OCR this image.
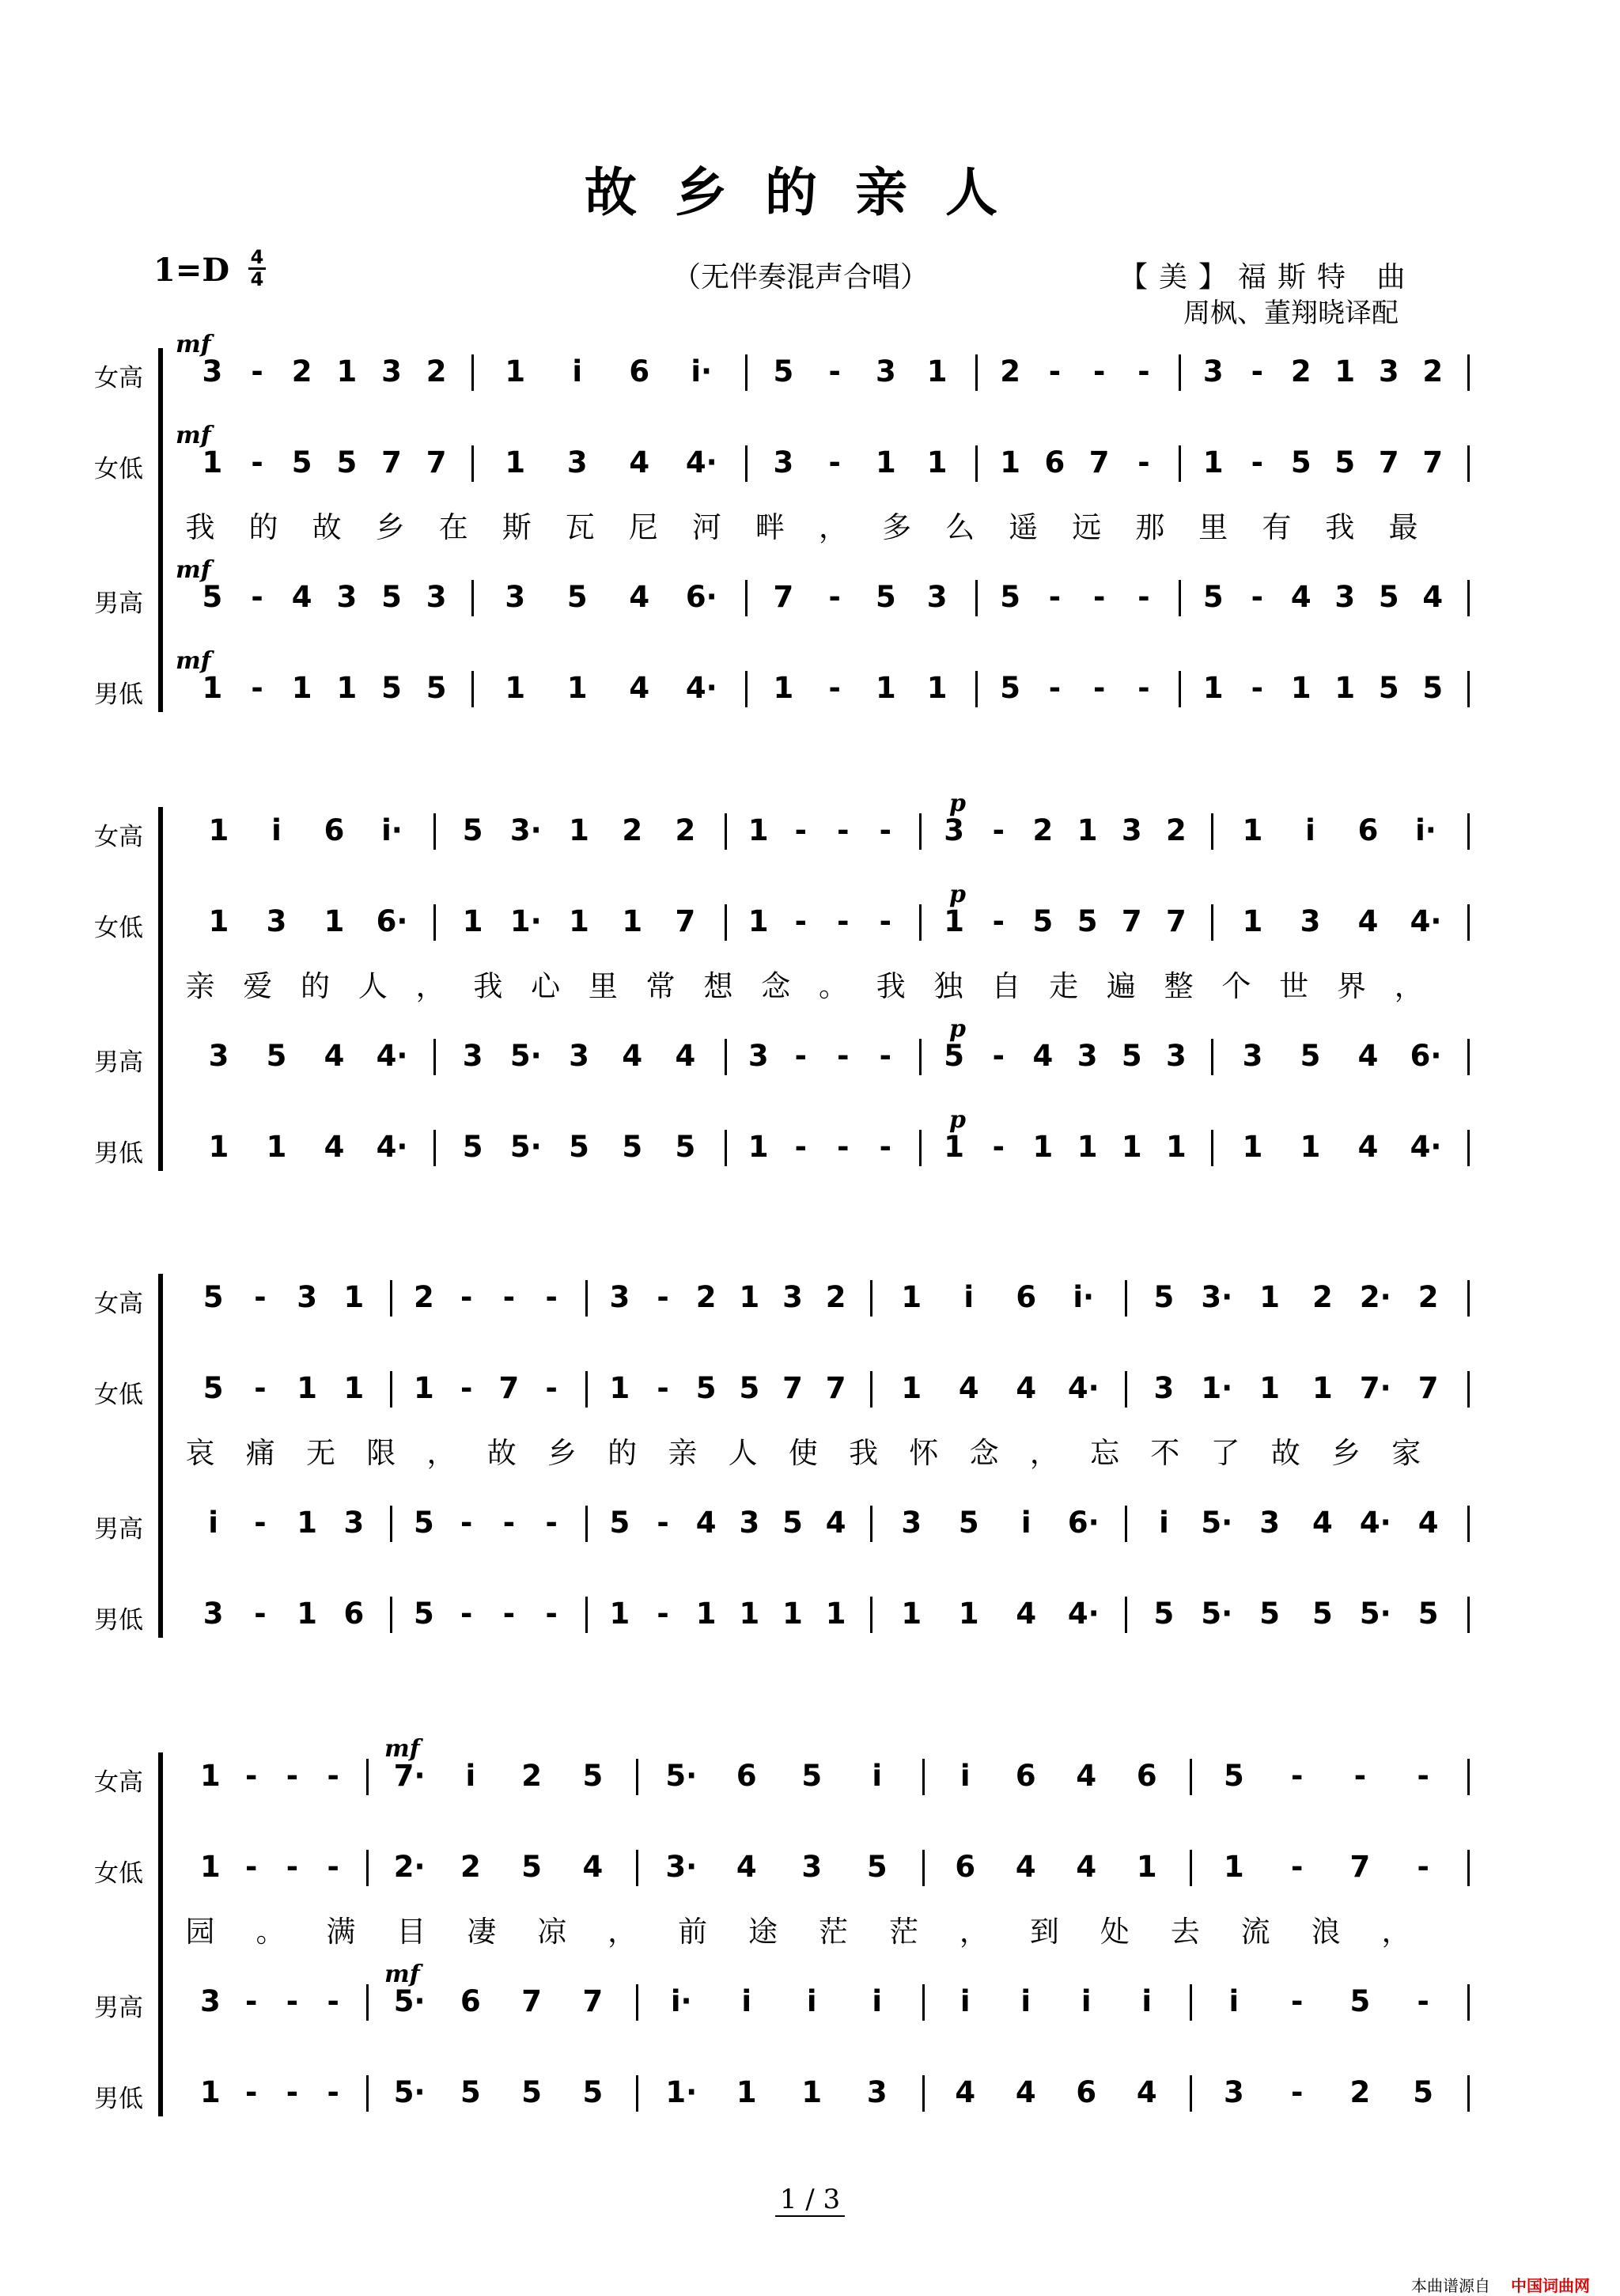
故乡的亲人
1=D 4
4	（无伴奏混声合唱）	【美】福斯特 曲
周枫、董翔晓译配
女高
女低
男高
男低
mf
mf
mf
mf
3 - 2 1 3 2 1	i	6 i· 5	-	3 1 2 -	-	-	3 - 2 1 3 2
1 - 5 5 7 7 1 3 4 4· 3	-	1 1 1 6 7 -	1 - 5 5 7 7
5 - 4 3 5 3 3 5 4 6· 7	-	5 3 5 -	-	-	5 - 4 3 5 4
1 - 1 1 5 5 1 1 4 4· 1	-	1 1 5 -	-	-	1 - 1 1 5 5
我 的 故 乡 在 斯 瓦 尼 河 畔 ， 多 么 遥 远 那 里 有 我 最
女高
女低
男高
男低
p
p
p
p
1	i	6 i· 5 3· 1 2 2 1 -	-	-	3 - 2 1 3 2 1	i	6 i·
1 3 1 6· 1 1· 1 1 7 1 -	-	-	1 - 5 5 7 7 1 3 4 4·
3 5 4 4· 3 5· 3 4 4 3 -	-	-	5 - 4 3 5 3 3 5 4 6·
1 1 4 4· 5 5· 5 5 5 1 -	-	-	1 - 1 1 1 1 1 1 4 4·
亲 爱 的 人 ， 我 心 里 常 想 念 。 我 独 自 走 遍 整 个 世 界 ，
女高
女低
男高
男低
5	-	3 1 2 -	-	-	3 - 2 1 3 2 1	i	6 i· 5 3· 1 2 2· 2
5	-	1 1 1 - 7 -	1 - 5 5 7 7 1 4 4 4· 3 1· 1 1 7· 7
i	-	1 3 5 -	-	-	5 - 4 3 5 4 3 5	i	6·	i	5· 3 4 4· 4
3	-	1 6 5 -	-	-	1 - 1 1 1 1 1 1 4 4· 5 5· 5 5 5· 5
哀 痛 无 限 ， 故 乡 的 亲 人 使 我 怀 念 ， 忘 不 了 故 乡 家
女高
女低
男高
男低
mf
mf
1 - - -	7·	i	2 5 5· 6 5	i	i	6 4 6 5	-	-	-
1 - - -	2· 2 5 4 3· 4 3 5 6 4 4 1 1	-	7	-
3 - - -	5· 6 7 7 i·	i	i	i	i	i	i	i	i	-	5	-
1 - - -	5· 5 5 5 1· 1 1 3 4 4 6 4 3	-	2 5
园 。 满 目 凄 凉 ， 前 途 茫 茫 ， 到 处 去 流 浪 ，
1 / 3
本曲谱源自 中国词曲网
